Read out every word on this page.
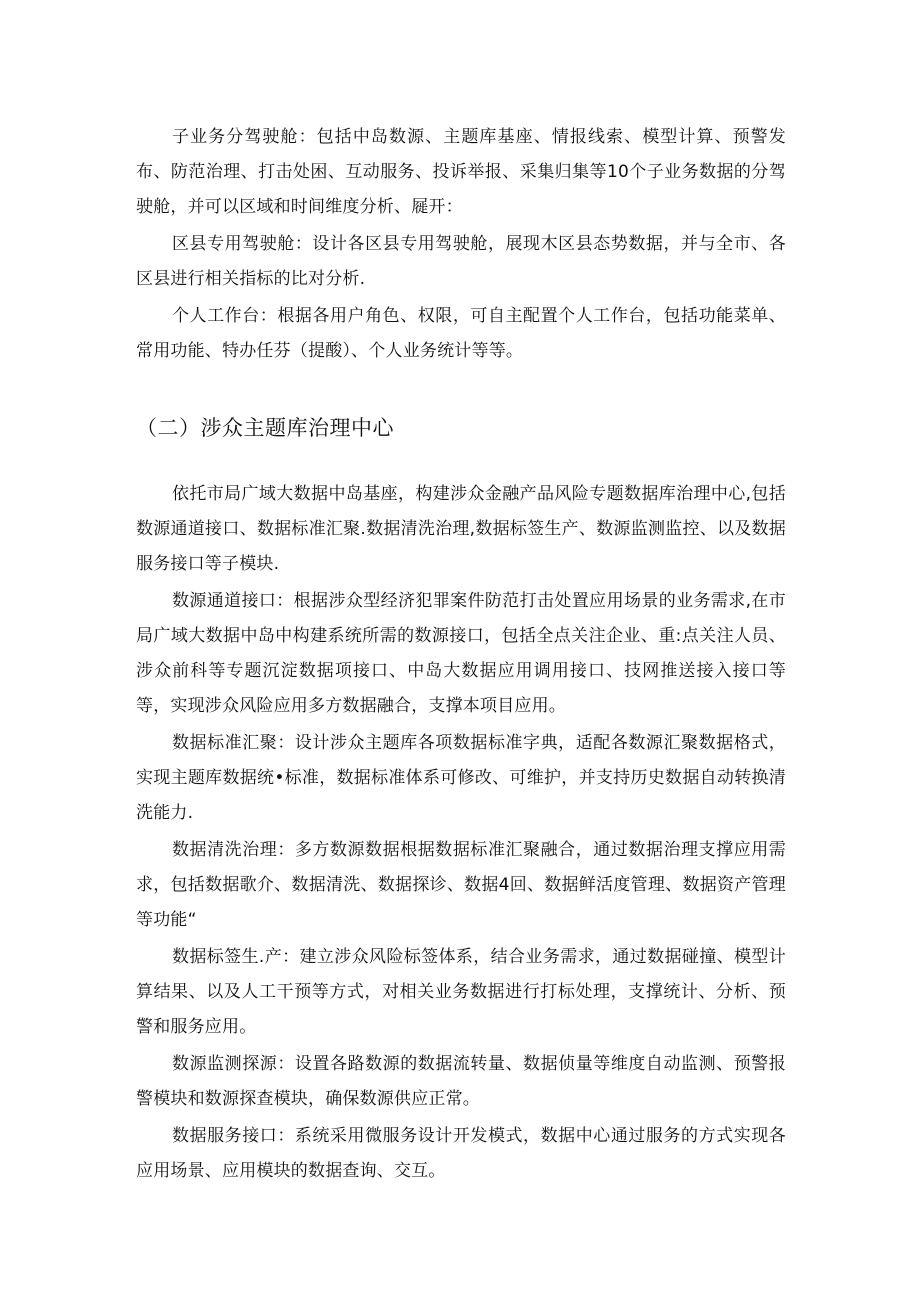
子业务分驾驶舱：包括中岛数源、主题库基座、情报线索、模型计算、预警发布、防范治理、打击处困、互动服务、投诉举报、采集归集等10个子业务数据的分驾驶舱，并可以区域和时间维度分析、屣开：

区县专用驾驶舱：设计各区县专用驾驶舱，展现木区县态势数据，并与全市、各区县进行相关指标的比对分析.

个人工作台：根据各用户角色、权限，可自主配置个人工作台，包括功能菜单、常用功能、特办任芬（提酸）、个人业务统计等等。

（二）涉众主题库治理中心

依托市局广域大数据中岛基座，构建涉众金融产品风险专题数据库治理中心,包括数源通道接口、数据标准汇聚.数据清洗治理,数据标签生产、数源监测监控、以及数据服务接口等子模块.

数源通道接口：根据涉众型经济犯罪案件防范打击处置应用场景的业务需求,在市局广域大数据中岛中构建系统所需的数源接口，包括全点关注企业、重:点关注人员、涉众前科等专题沉淀数据项接口、中岛大数据应用调用接口、技网推送接入接口等等，实现涉众风险应用多方数据融合，支撑本项目应用。

数据标准汇聚：设计涉众主题库各项数据标准字典，适配各数源汇聚数据格式，实现主题库数据统•标准，数据标准体系可修改、可维护，并支持历史数据自动转换清洗能力.

数据清洗治理：多方数源数据根据数据标准汇聚融合，通过数据治理支撑应用需求，包括数据歌介、数据清洗、数据探诊、数据4回、数据鲜活度管理、数据资产管理等功能“

数据标签生.产：建立涉众风险标签体系，结合业务需求，通过数据碰撞、模型计算结果、以及人工干预等方式，对相关业务数据进行打标处理，支撑统计、分析、预警和服务应用。

数源监测探源：设置各路数源的数据流转量、数据侦量等维度自动监测、预警报警模块和数源探查模块，确保数源供应正常。

数据服务接口：系统采用微服务设计开发模式，数据中心通过服务的方式实现各应用场景、应用模块的数据查询、交互。
